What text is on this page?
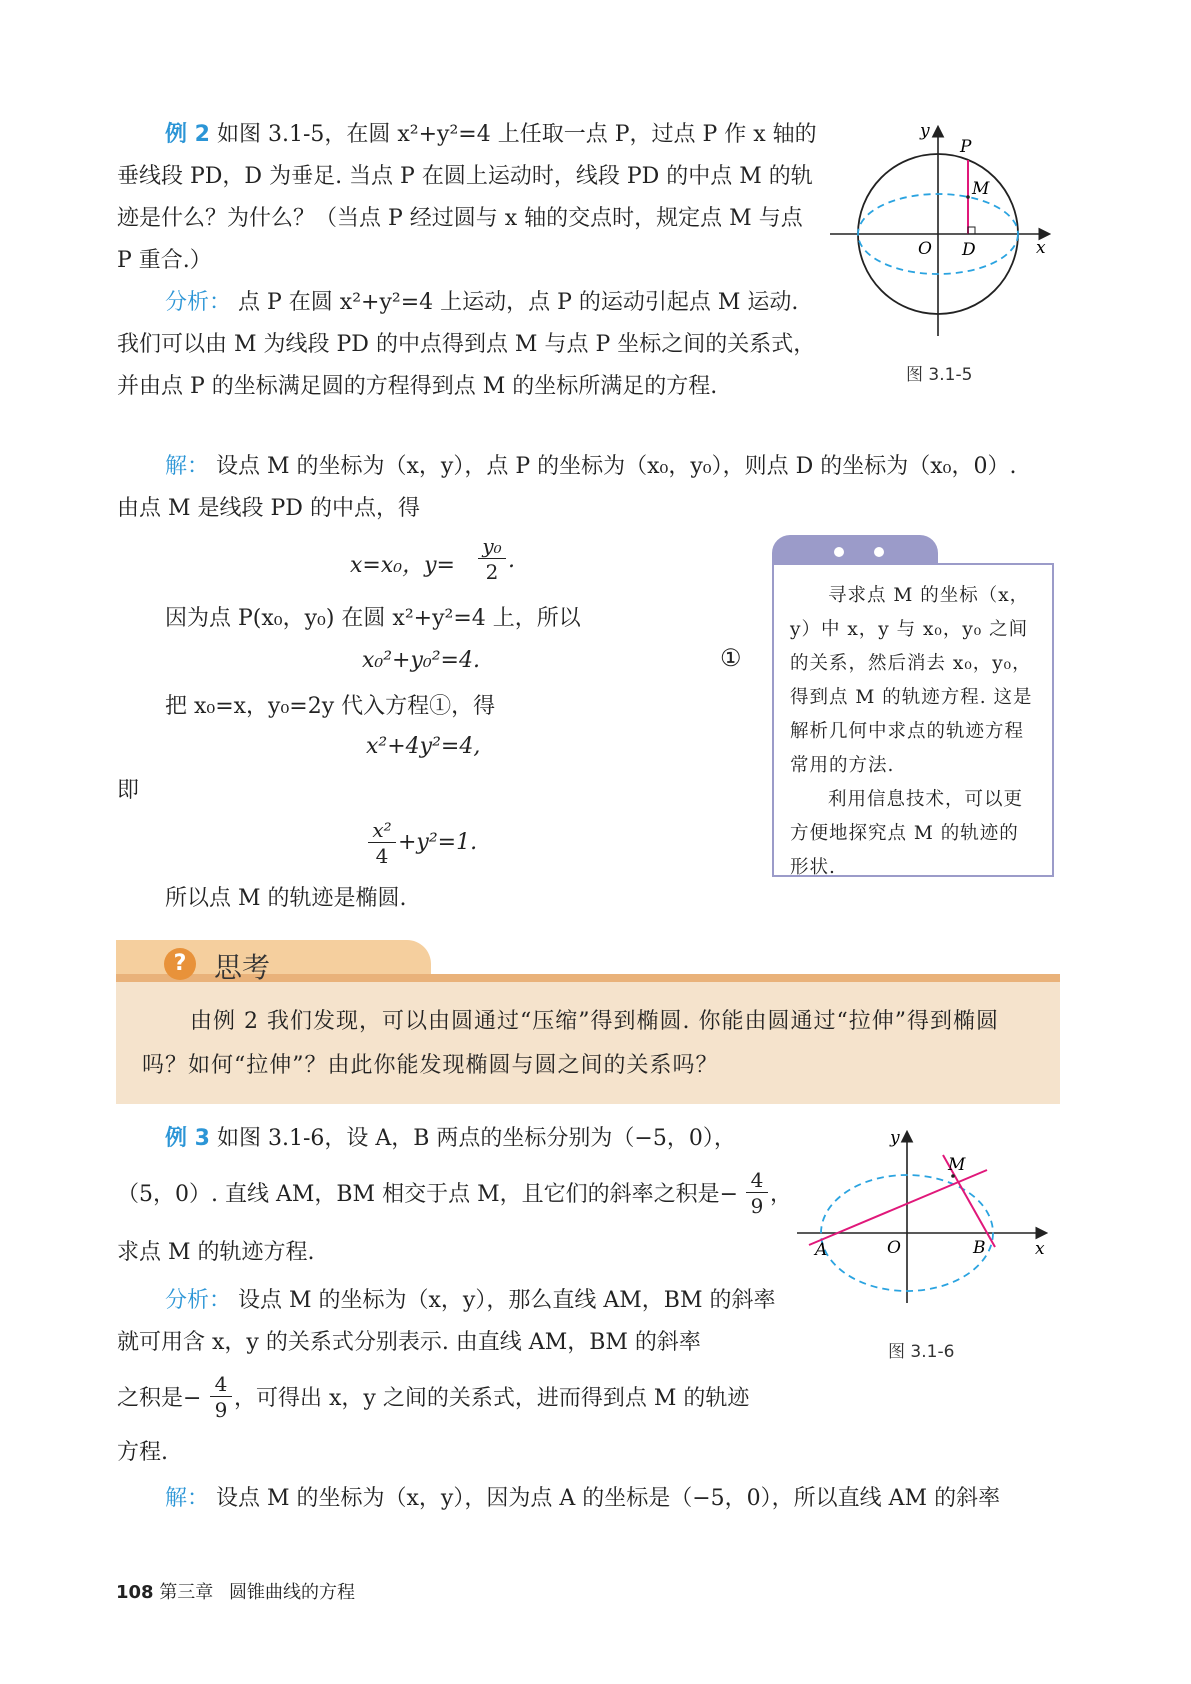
例 2 如图 3.1-5，在圆 x²+y²=4 上任取一点 P，过点 P 作 x 轴的垂线段 PD，D 为垂足. 当点 P 在圆上运动时，线段 PD 的中点 M 的轨迹是什么？为什么？（当点 P 经过圆与 x 轴的交点时，规定点 M 与点 P 重合.）
分析： 点 P 在圆 x²+y²=4 上运动，点 P 的运动引起点 M 运动. 我们可以由 M 为线段 PD 的中点得到点 M 与点 P 坐标之间的关系式，并由点 P 的坐标满足圆的方程得到点 M 的坐标所满足的方程.
解： 设点 M 的坐标为（x，y），点 P 的坐标为（x₀，y₀），则点 D 的坐标为（x₀，0）.
由点 M 是线段 PD 的中点，得
x=x₀，y=
y₀
2 .
因为点 P(x₀，y₀) 在圆 x²+y²=4 上，所以
x₀²+y₀²=4.	①
把 x₀=x，y₀=2y 代入方程①，得
x²+4y²=4,
即
x²
4
+y²=1.
所以点 M 的轨迹是椭圆.
y
x
P
M
O D
图 3.1-5
寻求点 M 的坐标（x，y）中 x，y 与 x₀，y₀ 之间的关系，然后消去 x₀，y₀，得到点 M 的轨迹方程. 这是解析几何中求点的轨迹方程常用的方法.
利用信息技术，可以更方便地探究点 M 的轨迹的形状.
? 思考
由例 2 我们发现，可以由圆通过“压缩”得到椭圆. 你能由圆通过“拉伸”得到椭圆吗？如何“拉伸”？由此你能发现椭圆与圆之间的关系吗？
例 3 如图 3.1-6，设 A，B 两点的坐标分别为（−5，0），
（5，0）. 直线 AM，BM 相交于点 M，且它们的斜率之积是−
4
9 ，
求点 M 的轨迹方程.
分析： 设点 M 的坐标为（x，y），那么直线 AM，BM 的斜率就可用含 x，y 的关系式分别表示. 由直线 AM，BM 的斜率
之积是−
4
9 ，可得出 x，y 之间的关系式，进而得到点 M 的轨迹
方程.
解： 设点 M 的坐标为（x，y），因为点 A 的坐标是（−5，0），所以直线 AM 的斜率
y
x
M
O
A	B
图 3.1-6
108 第三章 圆锥曲线的方程
